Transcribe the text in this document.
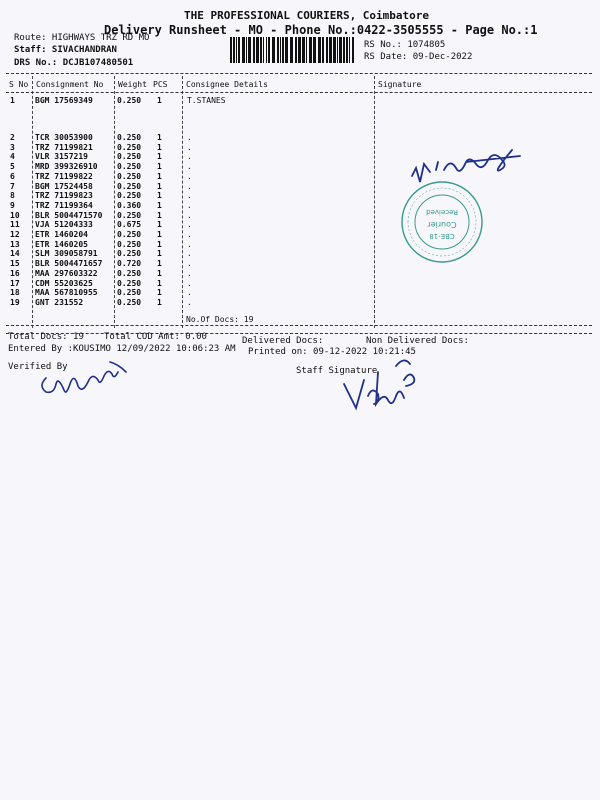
THE PROFESSIONAL COURIERS, Coimbatore
Delivery Runsheet - MO - Phone No.:0422-3505555 - Page No.:1
Route: HIGHWAYS TRZ RD MO
Staff: SIVACHANDRAN
DRS No.: DCJB107480501
RS No.: 1074805
RS Date: 09-Dec-2022
S No Consignment No Weight PCS Consignee Details	Signature
1	BGM 17569349	0.250 1	T.STANES
2	TCR 30053900	0.250 1	.
3	TRZ 71199821	0.250 1	.
4	VLR 3157219	0.250 1	.
5	MRD 399326910 0.250 1	.
6	TRZ 71199822	0.250 1	.
7	BGM 17524458	0.250 1	.
8	TRZ 71199823	0.250 1	.
9	TRZ 71199364	0.360 1	.
10 BLR 5004471570 0.250 1	.
11 VJA 51204333	0.675 1	.
12 ETR 1460204	0.250 1	.
13 ETR 1460205	0.250 1	.
14 SLM 309058791 0.250 1	.
15 BLR 5004471657 0.720 1	.
16 MAA 297603322 0.250 1	.
17 CDM 55203625	0.250 1	.
18 MAA 567810955 0.250 1	.
19 GNT 231552	0.250 1	.
No.Of Docs: 19
Total Docs: 19 Total COD Amt: 0.00	Delivered Docs:	Non Delivered Docs:
Entered By :KOUSIMO 12/09/2022 10:06:23 AM Printed on: 09-12-2022 10:21:45
Verified By	Staff Signature
CBE-18
Courier
Received
